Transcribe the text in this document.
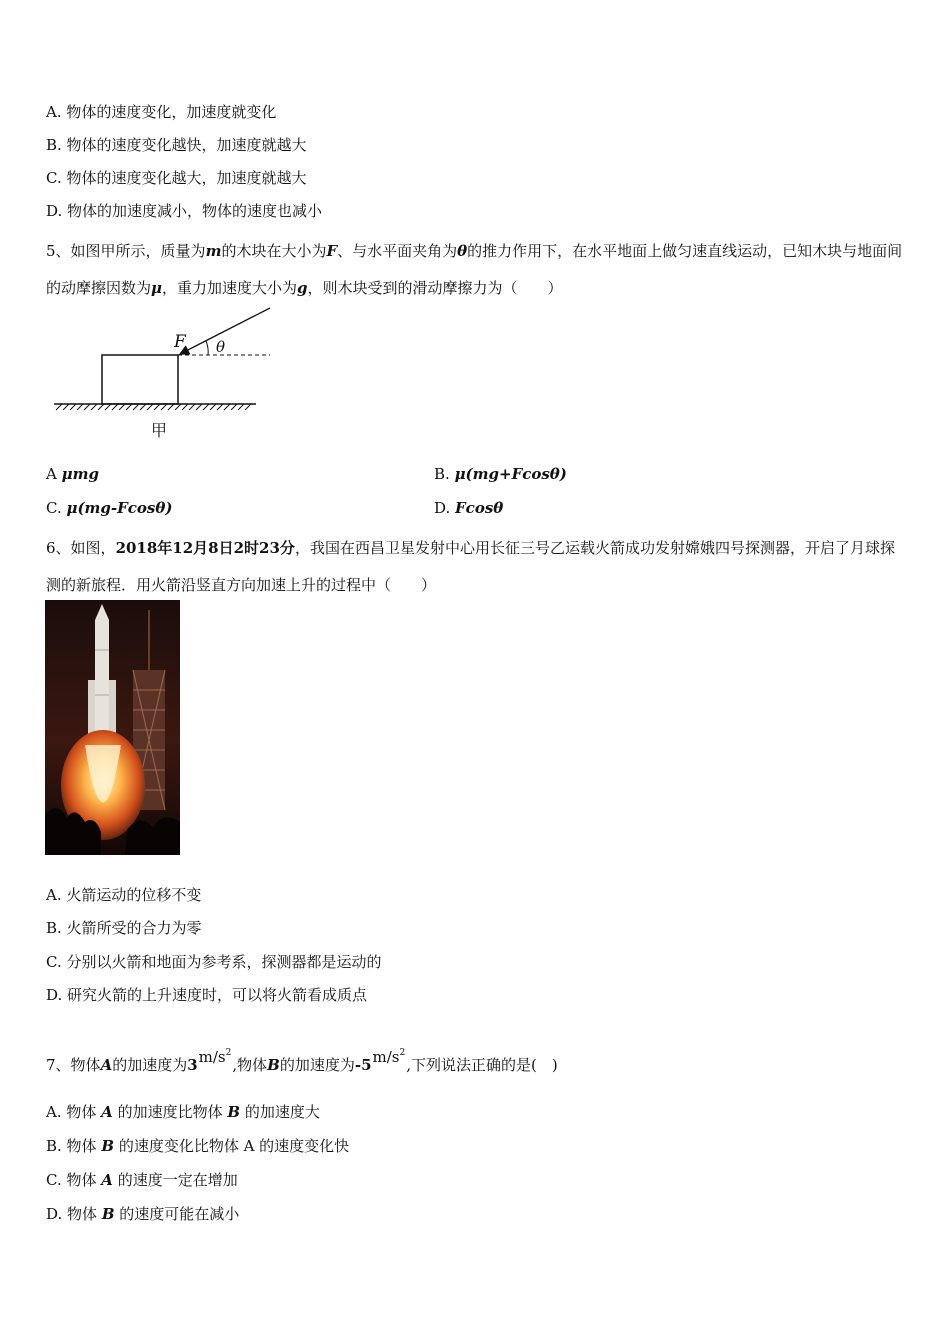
A. 物体的速度变化，加速度就变化
B. 物体的速度变化越快，加速度就越大
C. 物体的速度变化越大，加速度就越大
D. 物体的加速度减小，物体的速度也减小
5、如图甲所示，质量为m的木块在大小为F、与水平面夹角为θ的推力作用下，在水平地面上做匀速直线运动，已知木块与地面间的动摩擦因数为μ，重力加速度大小为g，则木块受到的滑动摩擦力为（　　）
F θ
甲
A μmg	B. μ(mg+Fcosθ)
C. μ(mg-Fcosθ)	D. Fcosθ
6、如图，2018年12月8日2时23分，我国在西昌卫星发射中心用长征三号乙运载火箭成功发射嫦娥四号探测器，开启了月球探测的新旅程．用火箭沿竖直方向加速上升的过程中（　　）
A. 火箭运动的位移不变
B. 火箭所受的合力为零
C. 分别以火箭和地面为参考系，探测器都是运动的
D. 研究火箭的上升速度时，可以将火箭看成质点
7、物体A的加速度为$3m/s^2$,物体B的加速度为$-5m/s^2$,下列说法正确的是(　)
A. 物体 A 的加速度比物体 B 的加速度大
B. 物体 B 的速度变化比物体 A 的速度变化快
C. 物体 A 的速度一定在增加
D. 物体 B 的速度可能在减小
